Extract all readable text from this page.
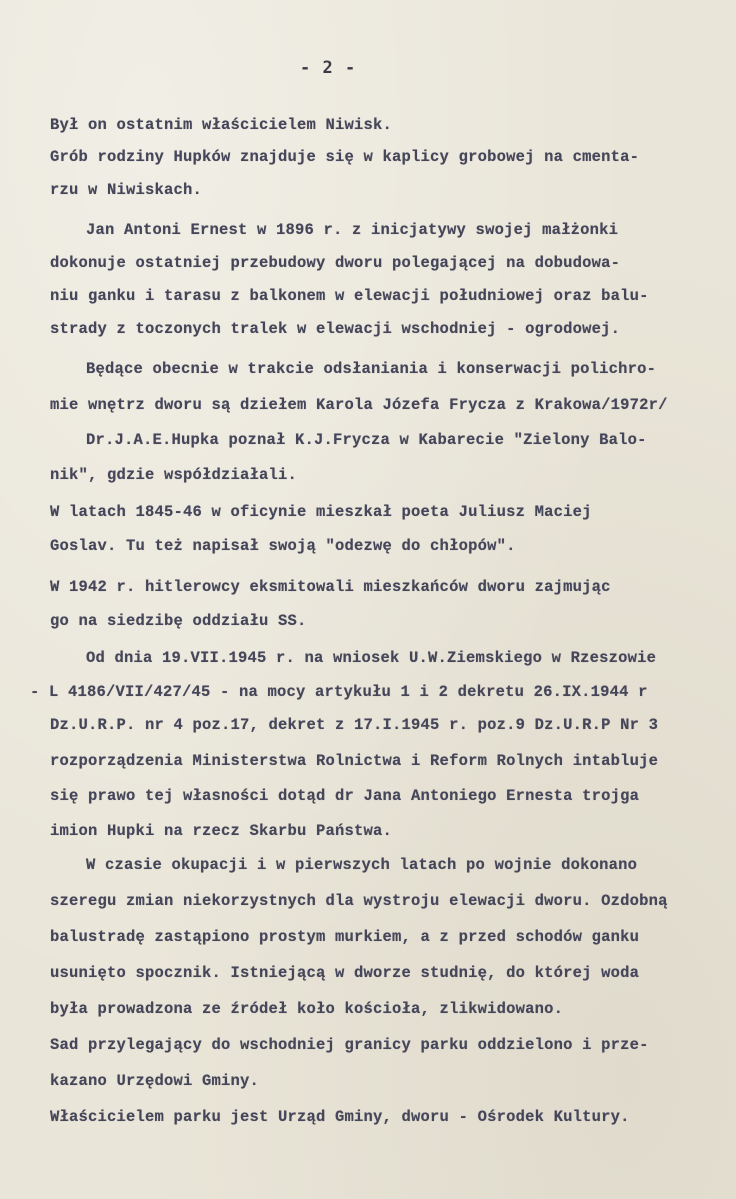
- 2 -
Był on ostatnim właścicielem Niwisk.
Grób rodziny Hupków znajduje się w kaplicy grobowej na cmenta-
rzu w Niwiskach.
Jan Antoni Ernest w 1896 r. z inicjatywy swojej małżonki
dokonuje ostatniej przebudowy dworu polegającej na dobudowa-
niu ganku i tarasu z balkonem w elewacji południowej oraz balu-
strady z toczonych tralek w elewacji wschodniej - ogrodowej.
Będące obecnie w trakcie odsłaniania i konserwacji polichro-
mie wnętrz dworu są dziełem Karola Józefa Frycza z Krakowa/1972r/
Dr.J.A.E.Hupka poznał K.J.Frycza w Kabarecie "Zielony Balo-
nik", gdzie współdziałali.
W latach 1845-46 w oficynie mieszkał poeta Juliusz Maciej
Goslav. Tu też napisał swoją "odezwę do chłopów".
W 1942 r. hitlerowcy eksmitowali mieszkańców dworu zajmując
go na siedzibę oddziału SS.
Od dnia 19.VII.1945 r. na wniosek U.W.Ziemskiego w Rzeszowie
- L 4186/VII/427/45 - na mocy artykułu 1 i 2 dekretu 26.IX.1944 r
Dz.U.R.P. nr 4 poz.17, dekret z 17.I.1945 r. poz.9 Dz.U.R.P Nr 3
rozporządzenia Ministerstwa Rolnictwa i Reform Rolnych intabluje
się prawo tej własności dotąd dr Jana Antoniego Ernesta trojga
imion Hupki na rzecz Skarbu Państwa.
W czasie okupacji i w pierwszych latach po wojnie dokonano
szeregu zmian niekorzystnych dla wystroju elewacji dworu. Ozdobną
balustradę zastąpiono prostym murkiem, a z przed schodów ganku
usunięto spocznik. Istniejącą w dworze studnię, do której woda
była prowadzona ze źródeł koło kościoła, zlikwidowano.
Sad przylegający do wschodniej granicy parku oddzielono i prze-
kazano Urzędowi Gminy.
Właścicielem parku jest Urząd Gminy, dworu - Ośrodek Kultury.
